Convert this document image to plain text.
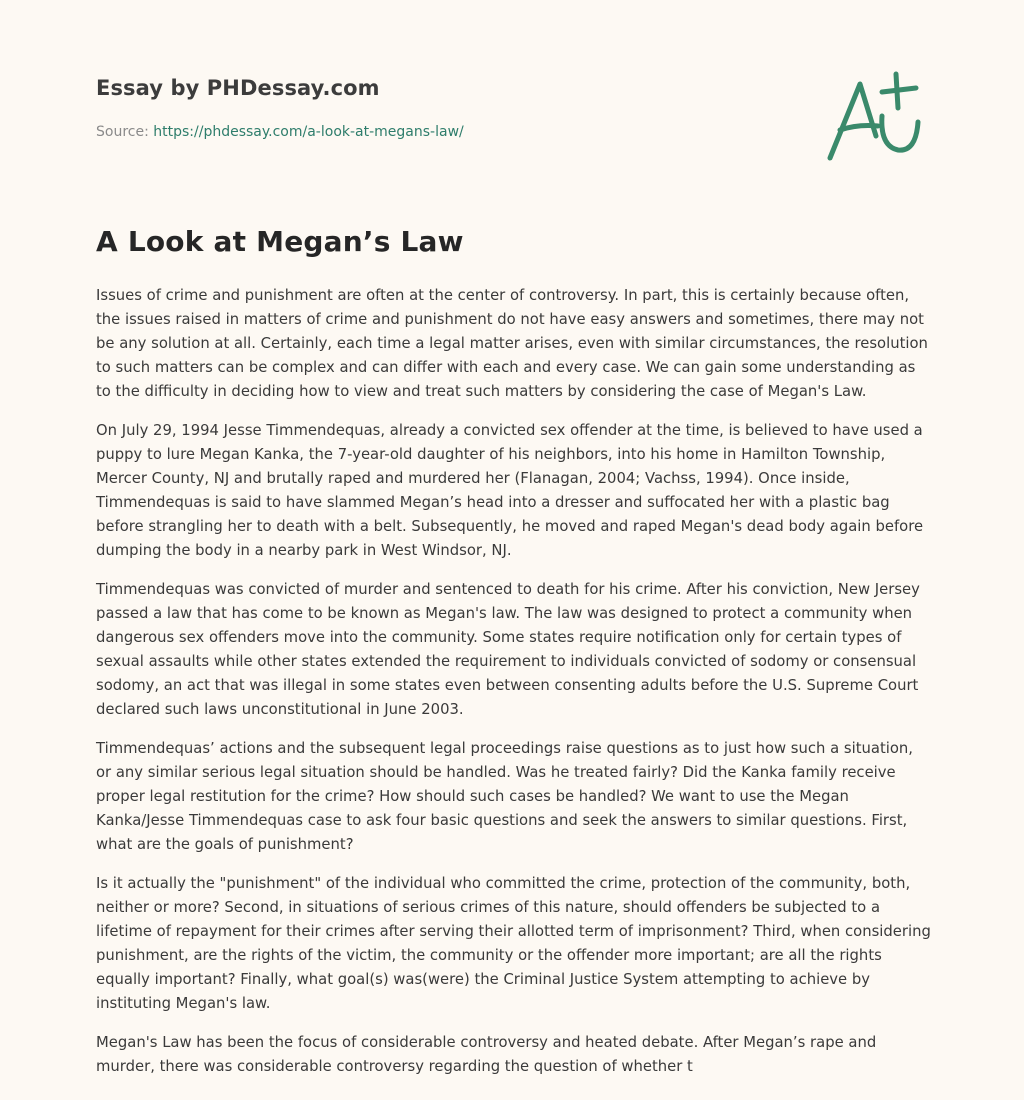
Essay by PHDessay.com

Source: https://phdessay.com/a-look-at-megans-law/

A Look at Megan’s Law

Issues of crime and punishment are often at the center of controversy. In part, this is certainly because often, the issues raised in matters of crime and punishment do not have easy answers and sometimes, there may not be any solution at all. Certainly, each time a legal matter arises, even with similar circumstances, the resolution to such matters can be complex and can differ with each and every case. We can gain some understanding as to the difficulty in deciding how to view and treat such matters by considering the case of Megan's Law.

On July 29, 1994 Jesse Timmendequas, already a convicted sex offender at the time, is believed to have used a puppy to lure Megan Kanka, the 7-year-old daughter of his neighbors, into his home in Hamilton Township, Mercer County, NJ and brutally raped and murdered her (Flanagan, 2004; Vachss, 1994). Once inside, Timmendequas is said to have slammed Megan’s head into a dresser and suffocated her with a plastic bag before strangling her to death with a belt. Subsequently, he moved and raped Megan's dead body again before dumping the body in a nearby park in West Windsor, NJ.

Timmendequas was convicted of murder and sentenced to death for his crime. After his conviction, New Jersey passed a law that has come to be known as Megan's law. The law was designed to protect a community when dangerous sex offenders move into the community. Some states require notification only for certain types of sexual assaults while other states extended the requirement to individuals convicted of sodomy or consensual sodomy, an act that was illegal in some states even between consenting adults before the U.S. Supreme Court declared such laws unconstitutional in June 2003.

Timmendequas’ actions and the subsequent legal proceedings raise questions as to just how such a situation, or any similar serious legal situation should be handled. Was he treated fairly? Did the Kanka family receive proper legal restitution for the crime? How should such cases be handled? We want to use the Megan Kanka/Jesse Timmendequas case to ask four basic questions and seek the answers to similar questions. First, what are the goals of punishment?

Is it actually the "punishment" of the individual who committed the crime, protection of the community, both, neither or more? Second, in situations of serious crimes of this nature, should offenders be subjected to a lifetime of repayment for their crimes after serving their allotted term of imprisonment? Third, when considering punishment, are the rights of the victim, the community or the offender more important; are all the rights equally important? Finally, what goal(s) was(were) the Criminal Justice System attempting to achieve by instituting Megan's law.

Megan's Law has been the focus of considerable controversy and heated debate. After Megan’s rape and murder, there was considerable controversy regarding the question of whether t
